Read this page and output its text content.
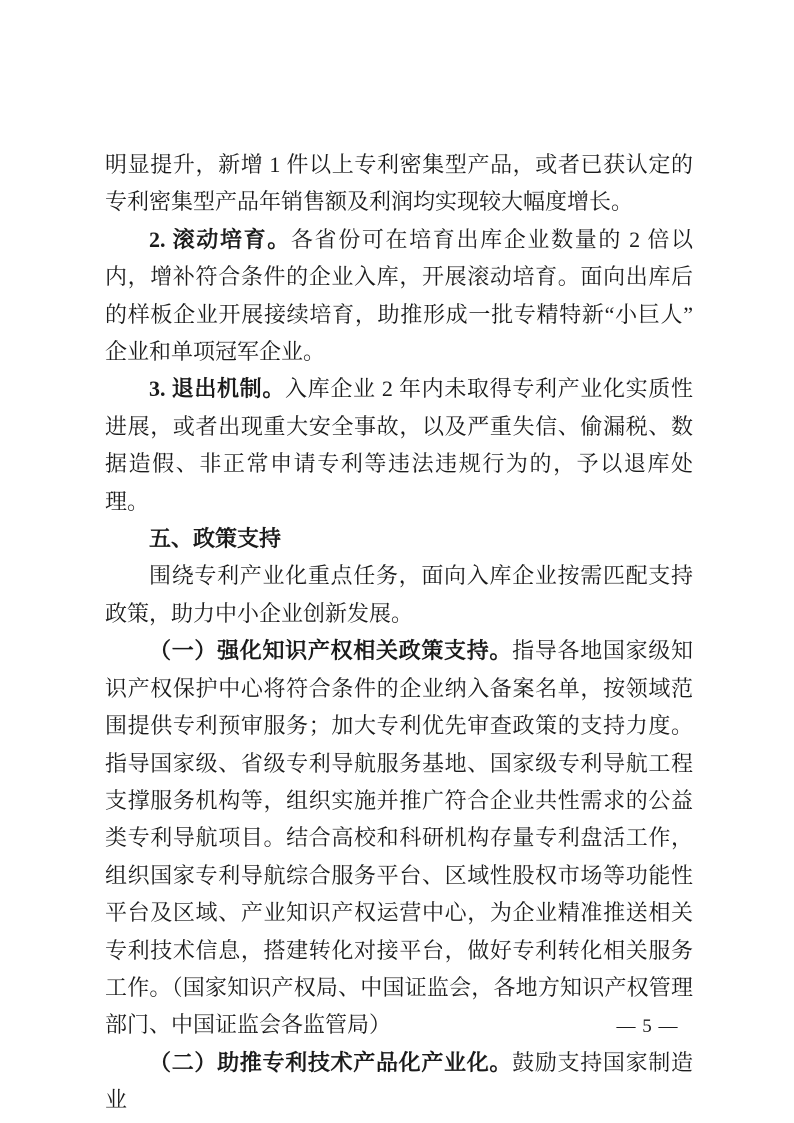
明显提升，新增 1 件以上专利密集型产品，或者已获认定的专利密集型产品年销售额及利润均实现较大幅度增长。

2. 滚动培育。各省份可在培育出库企业数量的 2 倍以内，增补符合条件的企业入库，开展滚动培育。面向出库后的样板企业开展接续培育，助推形成一批专精特新“小巨人”企业和单项冠军企业。

3. 退出机制。入库企业 2 年内未取得专利产业化实质性进展，或者出现重大安全事故，以及严重失信、偷漏税、数据造假、非正常申请专利等违法违规行为的，予以退库处理。

五、政策支持

围绕专利产业化重点任务，面向入库企业按需匹配支持政策，助力中小企业创新发展。

（一）强化知识产权相关政策支持。指导各地国家级知识产权保护中心将符合条件的企业纳入备案名单，按领域范围提供专利预审服务；加大专利优先审查政策的支持力度。指导国家级、省级专利导航服务基地、国家级专利导航工程支撑服务机构等，组织实施并推广符合企业共性需求的公益类专利导航项目。结合高校和科研机构存量专利盘活工作，组织国家专利导航综合服务平台、区域性股权市场等功能性平台及区域、产业知识产权运营中心，为企业精准推送相关专利技术信息，搭建转化对接平台，做好专利转化相关服务工作。（国家知识产权局、中国证监会，各地方知识产权管理部门、中国证监会各监管局）

（二）助推专利技术产品化产业化。鼓励支持国家制造业

— 5 —
